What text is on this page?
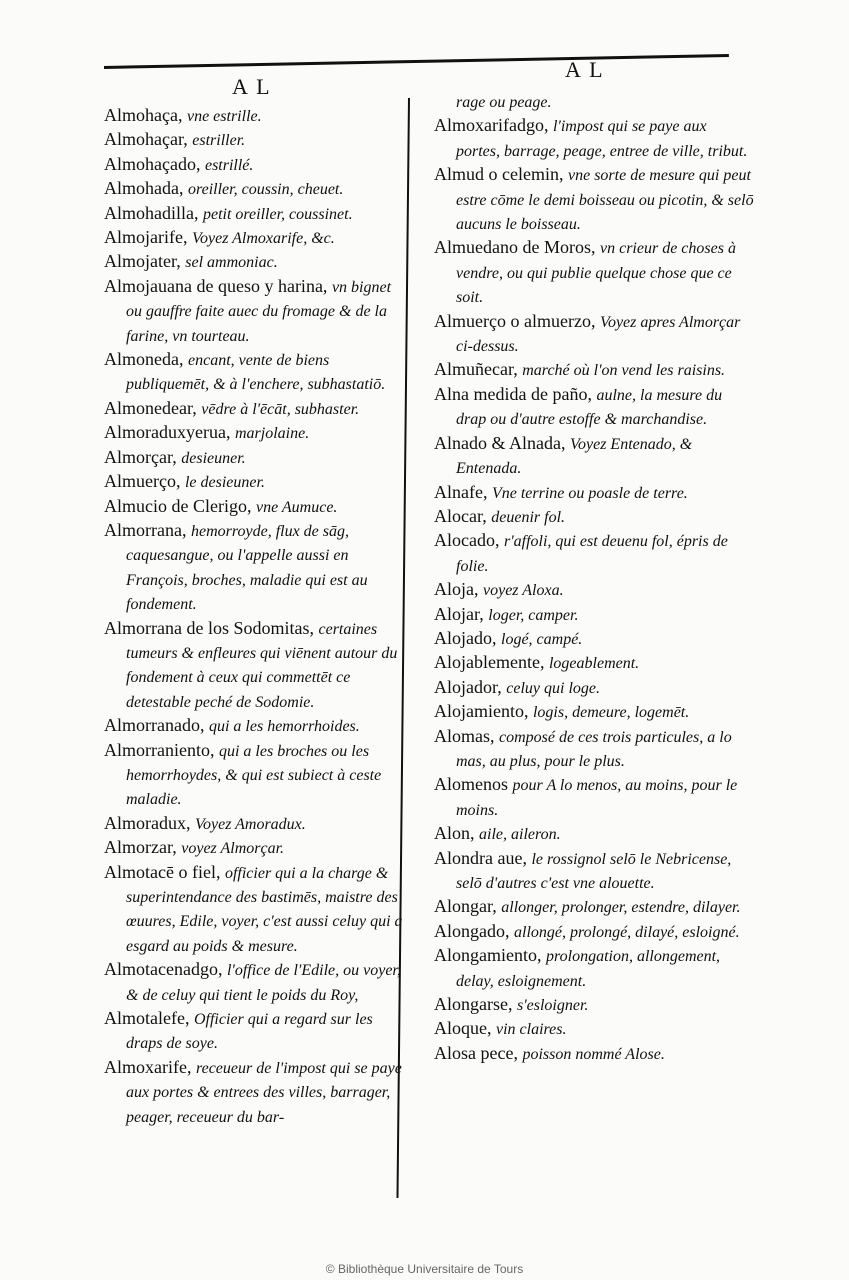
A L
A L

Almohaça, vne estrille.

Almohaçar, estriller.

Almohaçado, estrillé.

Almohada, oreiller, coussin, cheuet.

Almohadilla, petit oreiller, coussinet.

Almojarife, Voyez Almoxarife, &c.

Almojater, sel ammoniac.

Almojauana de queso y harina, vn bignet ou gauffre faite auec du fromage & de la farine, vn tourteau.

Almoneda, encant, vente de biens publiquemēt, & à l'enchere, subhastatiō.

Almonedear, vēdre à l'ēcāt, subhaster.

Almoraduxyerua, marjolaine.

Almorçar, desieuner.

Almuerço, le desieuner.

Almucio de Clerigo, vne Aumuce.

Almorrana, hemorroyde, flux de sāg, caquesangue, ou l'appelle aussi en François, broches, maladie qui est au fondement.

Almorrana de los Sodomitas, certaines tumeurs & enfleures qui viēnent autour du fondement à ceux qui commettēt ce detestable peché de Sodomie.

Almorranado, qui a les hemorrhoides.

Almorraniento, qui a les broches ou les hemorrhoydes, & qui est subiect à ceste maladie.

Almoradux, Voyez Amoradux.

Almorzar, voyez Almorçar.

Almotacē o fiel, officier qui a la charge & superintendance des bastimēs, maistre des œuures, Edile, voyer, c'est aussi celuy qui a esgard au poids & mesure.

Almotacenadgo, l'office de l'Edile, ou voyer, & de celuy qui tient le poids du Roy,

Almotalefe, Officier qui a regard sur les draps de soye.

Almoxarife, receueur de l'impost qui se paye aux portes & entrees des villes, barrager, peager, receueur du bar-

rage ou peage.

Almoxarifadgo, l'impost qui se paye aux portes, barrage, peage, entree de ville, tribut.

Almud o celemin, vne sorte de mesure qui peut estre cōme le demi boisseau ou picotin, & selō aucuns le boisseau.

Almuedano de Moros, vn crieur de choses à vendre, ou qui publie quelque chose que ce soit.

Almuerço o almuerzo, Voyez apres Almorçar ci-dessus.

Almuñecar, marché où l'on vend les raisins.

Alna medida de paño, aulne, la mesure du drap ou d'autre estoffe & marchandise.

Alnado & Alnada, Voyez Entenado, & Entenada.

Alnafe, Vne terrine ou poasle de terre.

Alocar, deuenir fol.

Alocado, r'affoli, qui est deuenu fol, épris de folie.

Aloja, voyez Aloxa.

Alojar, loger, camper.

Alojado, logé, campé.

Alojablemente, logeablement.

Alojador, celuy qui loge.

Alojamiento, logis, demeure, logemēt.

Alomas, composé de ces trois particules, a lo mas, au plus, pour le plus.

Alomenos pour A lo menos, au moins, pour le moins.

Alon, aile, aileron.

Alondra aue, le rossignol selō le Nebricense, selō d'autres c'est vne alouette.

Alongar, allonger, prolonger, estendre, dilayer.

Alongado, allongé, prolongé, dilayé, esloigné.

Alongamiento, prolongation, allongement, delay, esloignement.

Alongarse, s'esloigner.

Aloque, vin claires.

Alosa pece, poisson nommé Alose.

© Bibliothèque Universitaire de Tours
